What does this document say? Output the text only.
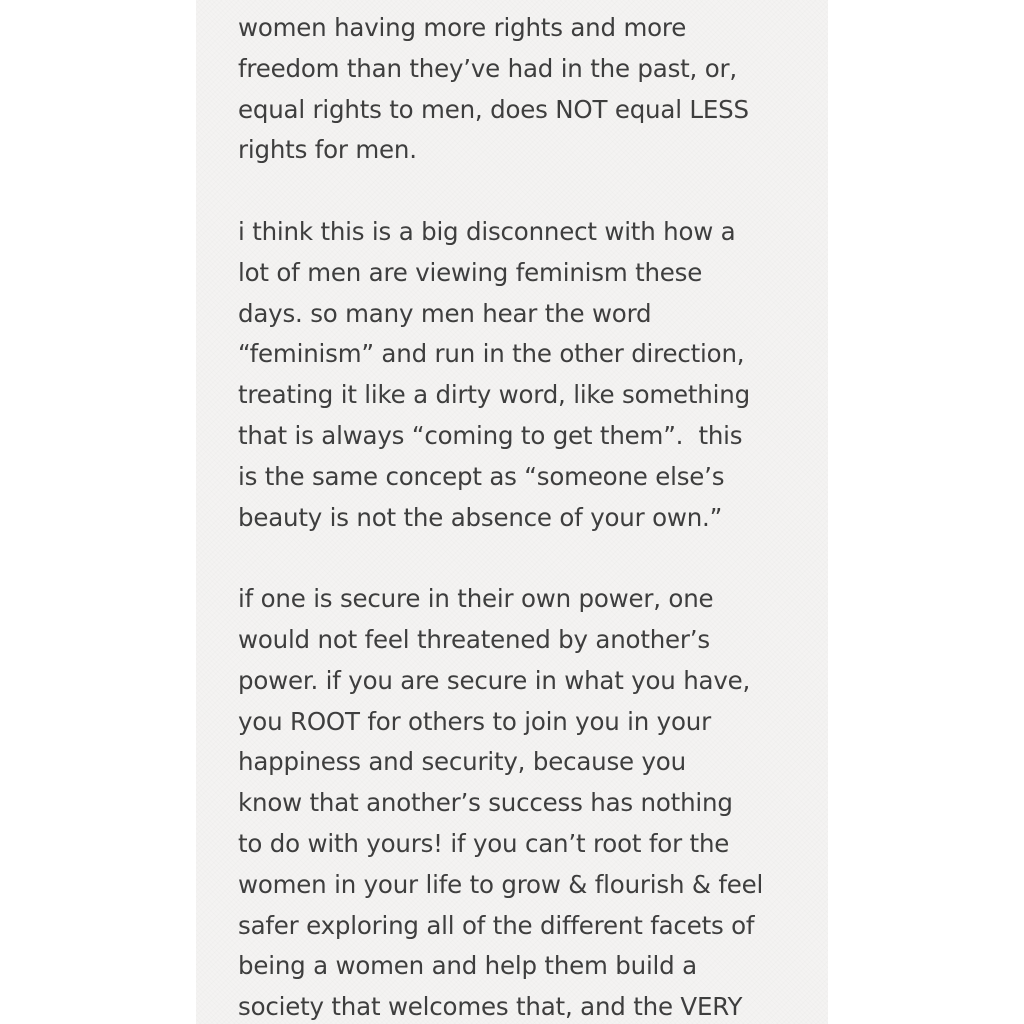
women having more rights and more
freedom than they’ve had in the past, or,
equal rights to men, does NOT equal LESS
rights for men.
i think this is a big disconnect with how a
lot of men are viewing feminism these
days. so many men hear the word
“feminism” and run in the other direction,
treating it like a dirty word, like something
that is always “coming to get them”.  this
is the same concept as “someone else’s
beauty is not the absence of your own.”
if one is secure in their own power, one
would not feel threatened by another’s
power. if you are secure in what you have,
you ROOT for others to join you in your
happiness and security, because you
know that another’s success has nothing
to do with yours! if you can’t root for the
women in your life to grow & flourish & feel
safer exploring all of the different facets of
being a women and help them build a
society that welcomes that, and the VERY
